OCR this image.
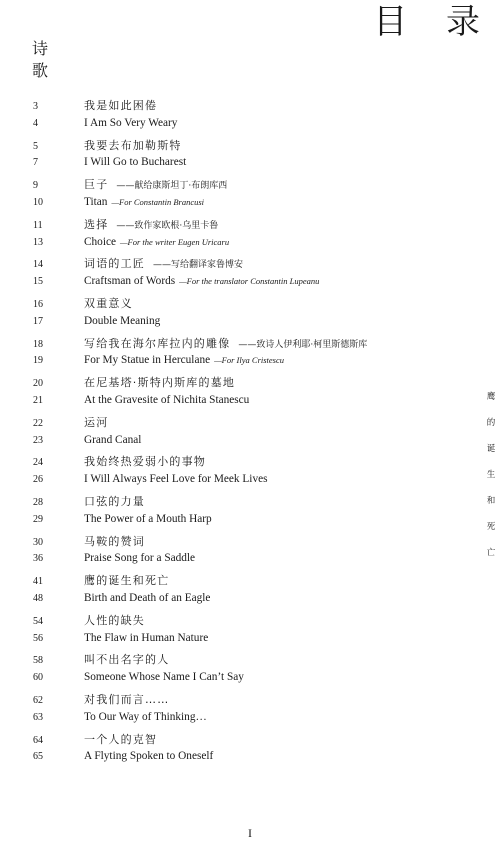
目 录
诗
歌
3	我是如此困倦
4	I Am So Very Weary
5	我要去布加勒斯特
7	I Will Go to Bucharest
9	巨子 ——献给康斯坦丁·布朗库西
10	Titan —For Constantin Brancusi
11	选择 ——致作家欧根·乌里卡鲁
13	Choice —For the writer Eugen Uricaru
14	词语的工匠 ——写给翻译家鲁博安
15	Craftsman of Words —For the translator Constantin Lupeanu
16	双重意义
17	Double Meaning
18	写给我在海尔库拉内的雕像 ——致诗人伊利耶·柯里斯德斯库
19	For My Statue in Herculane —For Ilya Cristescu
20	在尼基塔·斯特内斯库的墓地
21	At the Gravesite of Nichita Stanescu
22	运河
23	Grand Canal
24	我始终热爱弱小的事物
26	I Will Always Feel Love for Meek Lives
28	口弦的力量
29	The Power of a Mouth Harp
30	马鞍的赞词
36	Praise Song for a Saddle
41	鹰的诞生和死亡
48	Birth and Death of an Eagle
54	人性的缺失
56	The Flaw in Human Nature
58	叫不出名字的人
60	Someone Whose Name I Can’t Say
62	对我们而言……
63	To Our Way of Thinking…
64	一个人的克智
65	A Flyting Spoken to Oneself
鹰
的
诞
生
和
死
亡
I
